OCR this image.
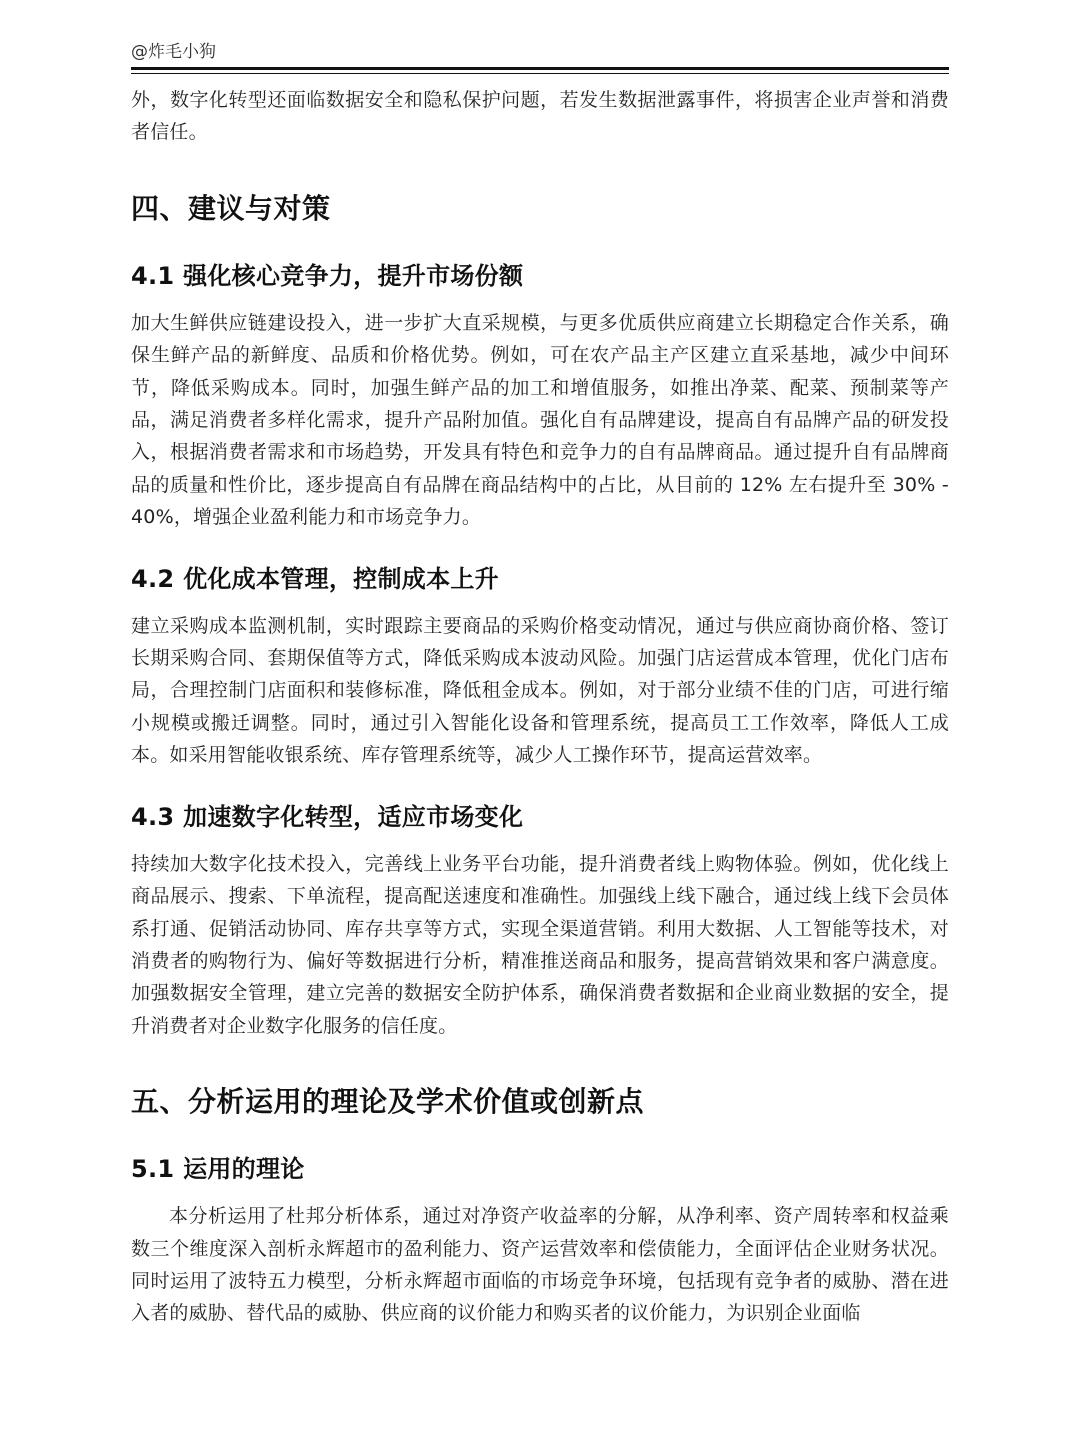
@炸毛小狗

外，数字化转型还面临数据安全和隐私保护问题，若发生数据泄露事件，将损害企业声誉和消费者信任。

四、建议与对策
4.1 强化核心竞争力，提升市场份额

加大生鲜供应链建设投入，进一步扩大直采规模，与更多优质供应商建立长期稳定合作关系，确保生鲜产品的新鲜度、品质和价格优势。例如，可在农产品主产区建立直采基地，减少中间环节，降低采购成本。同时，加强生鲜产品的加工和增值服务，如推出净菜、配菜、预制菜等产品，满足消费者多样化需求，提升产品附加值。强化自有品牌建设，提高自有品牌产品的研发投入，根据消费者需求和市场趋势，开发具有特色和竞争力的自有品牌商品。通过提升自有品牌商品的质量和性价比，逐步提高自有品牌在商品结构中的占比，从目前的 12% 左右提升至 30% - 40%，增强企业盈利能力和市场竞争力。

4.2 优化成本管理，控制成本上升

建立采购成本监测机制，实时跟踪主要商品的采购价格变动情况，通过与供应商协商价格、签订长期采购合同、套期保值等方式，降低采购成本波动风险。加强门店运营成本管理，优化门店布局，合理控制门店面积和装修标准，降低租金成本。例如，对于部分业绩不佳的门店，可进行缩小规模或搬迁调整。同时，通过引入智能化设备和管理系统，提高员工工作效率，降低人工成本。如采用智能收银系统、库存管理系统等，减少人工操作环节，提高运营效率。

4.3 加速数字化转型，适应市场变化

持续加大数字化技术投入，完善线上业务平台功能，提升消费者线上购物体验。例如，优化线上商品展示、搜索、下单流程，提高配送速度和准确性。加强线上线下融合，通过线上线下会员体系打通、促销活动协同、库存共享等方式，实现全渠道营销。利用大数据、人工智能等技术，对消费者的购物行为、偏好等数据进行分析，精准推送商品和服务，提高营销效果和客户满意度。加强数据安全管理，建立完善的数据安全防护体系，确保消费者数据和企业商业数据的安全，提升消费者对企业数字化服务的信任度。

五、分析运用的理论及学术价值或创新点
5.1 运用的理论

本分析运用了杜邦分析体系，通过对净资产收益率的分解，从净利率、资产周转率和权益乘数三个维度深入剖析永辉超市的盈利能力、资产运营效率和偿债能力，全面评估企业财务状况。同时运用了波特五力模型，分析永辉超市面临的市场竞争环境，包括现有竞争者的威胁、潜在进入者的威胁、替代品的威胁、供应商的议价能力和购买者的议价能力，为识别企业面临
